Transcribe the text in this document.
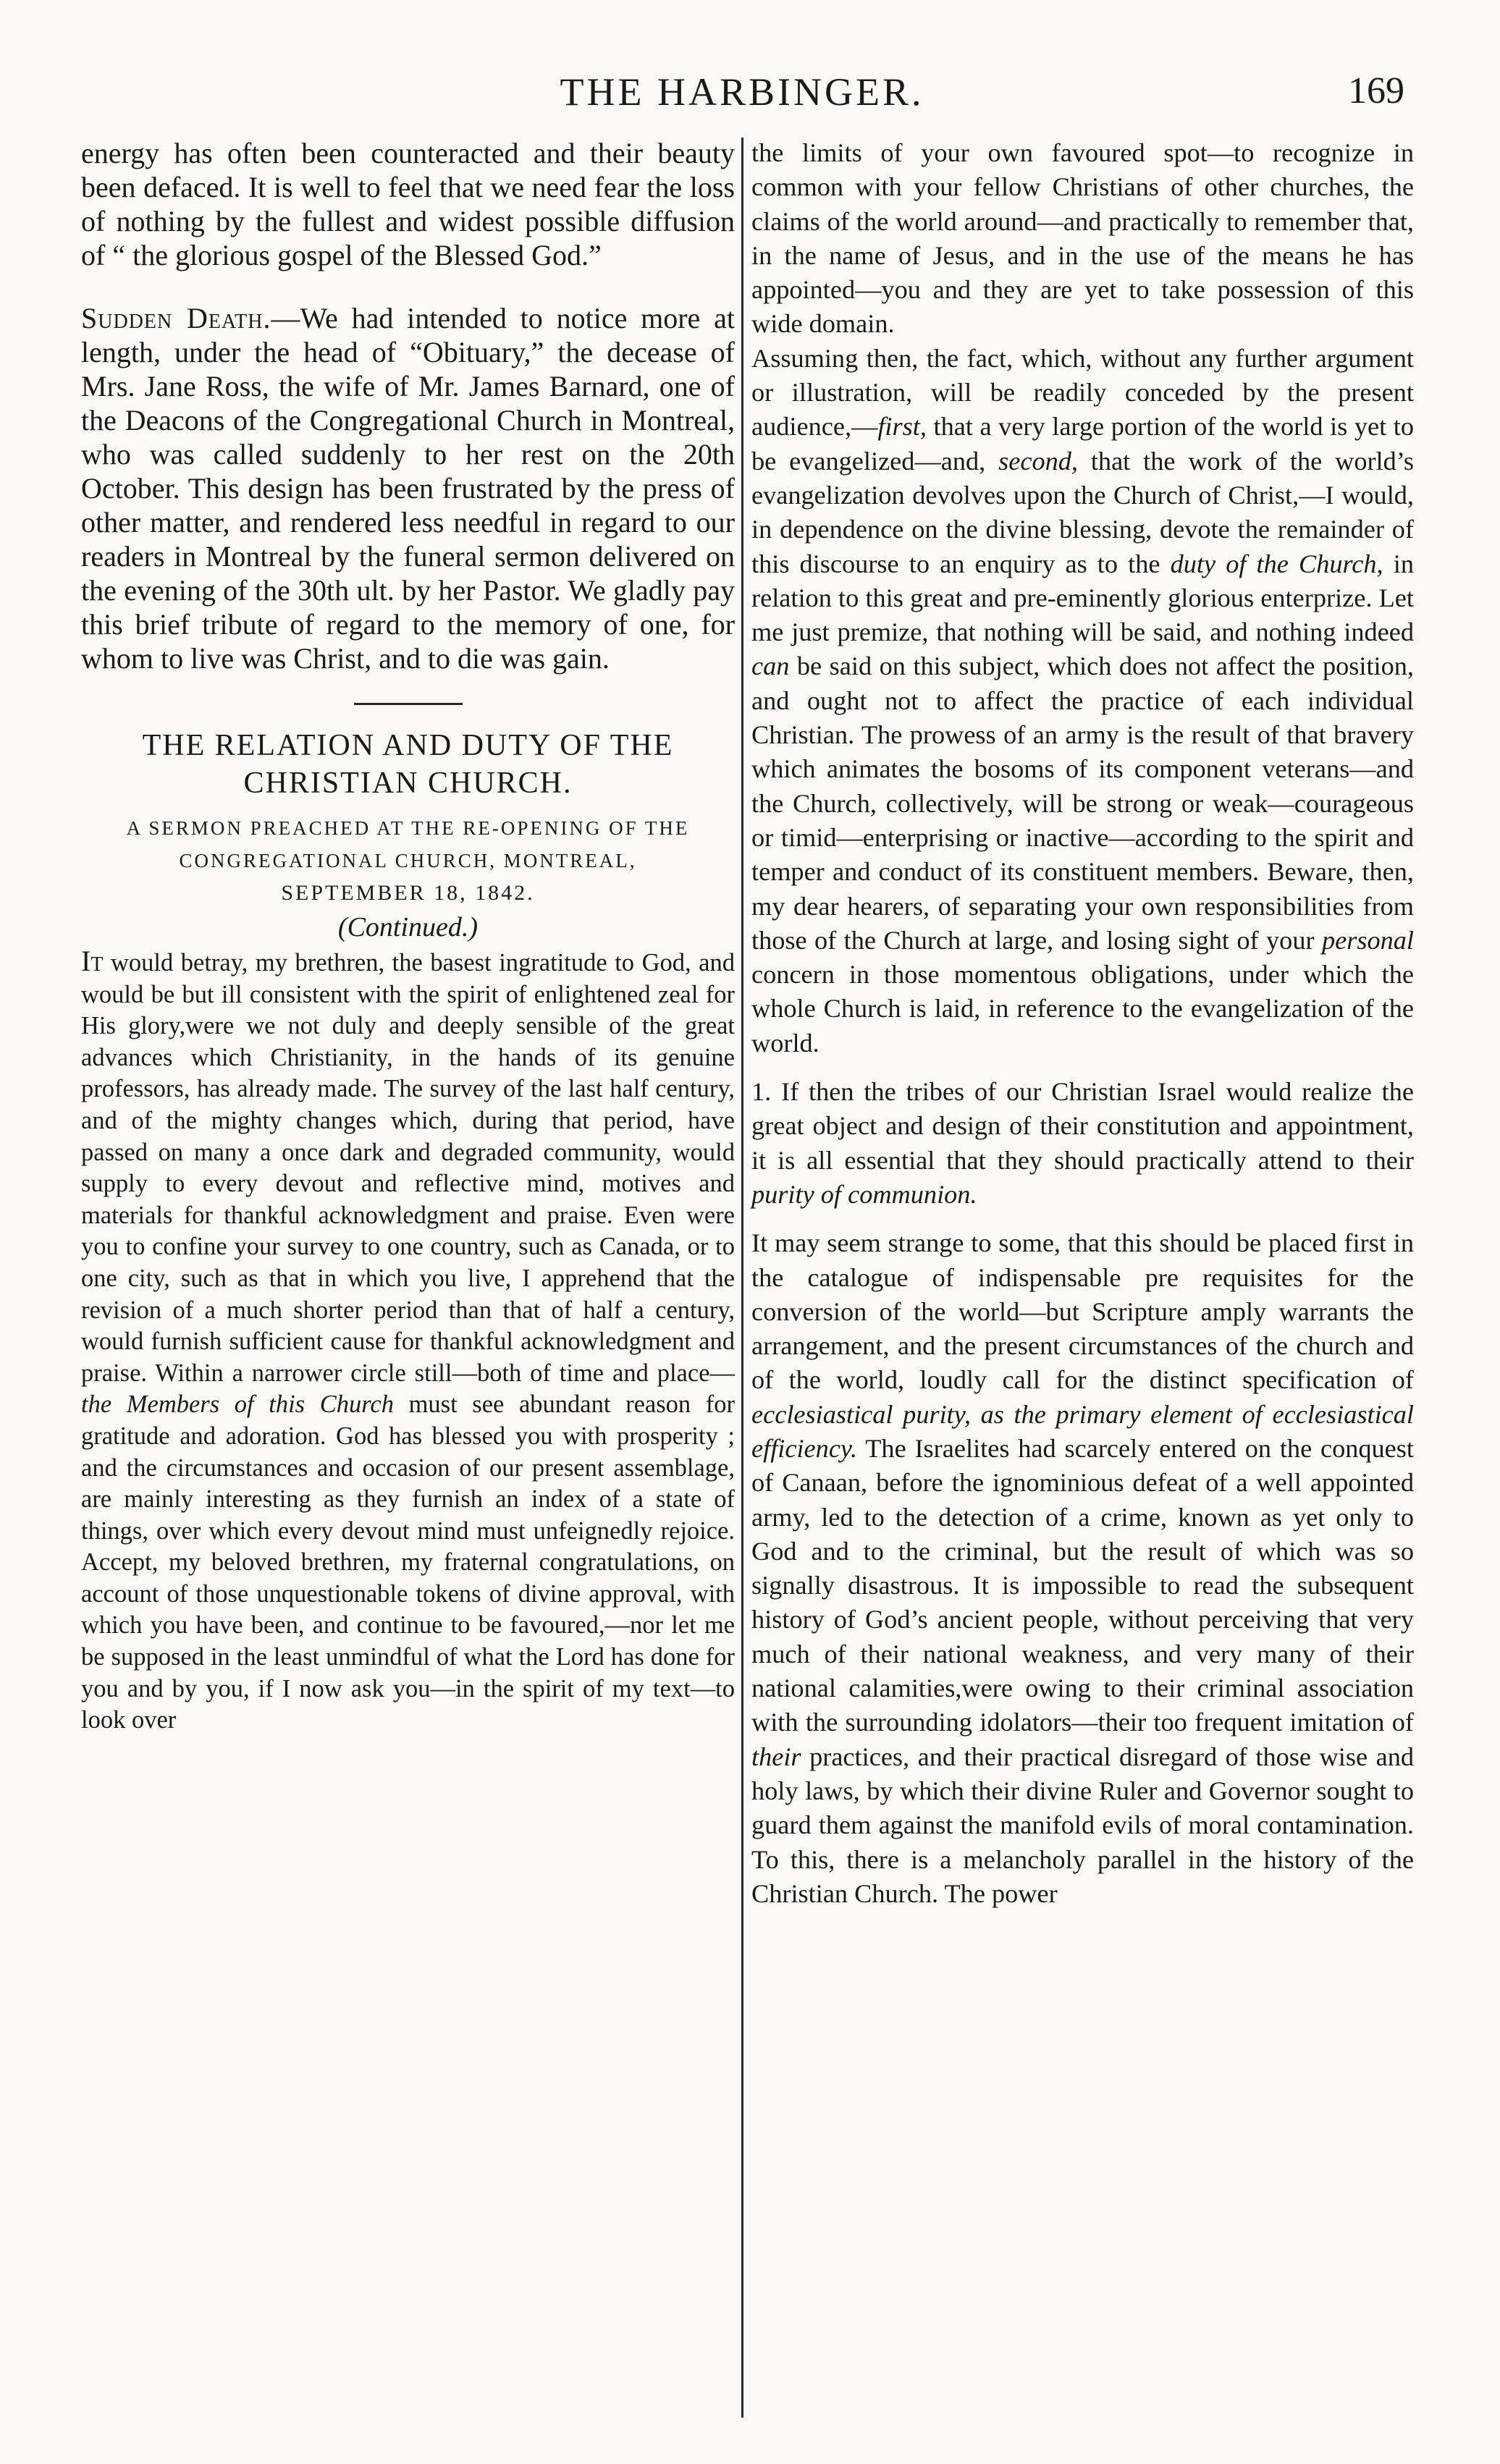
THE HARBINGER.	169

energy has often been counteracted and their beauty been defaced. It is well to feel that we need fear the loss of nothing by the fullest and widest possible diffusion of “ the glorious gospel of the Blessed God.”

Sudden Death.—We had intended to notice more at length, under the head of “Obituary,” the decease of Mrs. Jane Ross, the wife of Mr. James Barnard, one of the Deacons of the Congregational Church in Montreal, who was called suddenly to her rest on the 20th October. This design has been frustrated by the press of other matter, and rendered less needful in regard to our readers in Montreal by the funeral sermon delivered on the evening of the 30th ult. by her Pastor. We gladly pay this brief tribute of regard to the memory of one, for whom to live was Christ, and to die was gain.

THE RELATION AND DUTY OF THE CHRISTIAN CHURCH.

A SERMON PREACHED AT THE RE-OPENING OF THE CONGREGATIONAL CHURCH, MONTREAL,

SEPTEMBER 18, 1842.

(Continued.)

It would betray, my brethren, the basest ingratitude to God, and would be but ill consistent with the spirit of enlightened zeal for His glory,were we not duly and deeply sensible of the great advances which Christianity, in the hands of its genuine professors, has already made. The survey of the last half century, and of the mighty changes which, during that period, have passed on many a once dark and degraded community, would supply to every devout and reflective mind, motives and materials for thankful acknowledgment and praise. Even were you to confine your survey to one country, such as Canada, or to one city, such as that in which you live, I apprehend that the revision of a much shorter period than that of half a century, would furnish sufficient cause for thankful acknowledgment and praise. Within a narrower circle still—both of time and place—the Members of this Church must see abundant reason for gratitude and adoration. God has blessed you with prosperity ; and the circumstances and occasion of our present assemblage, are mainly interesting as they furnish an index of a state of things, over which every devout mind must unfeignedly rejoice. Accept, my beloved brethren, my fraternal congratulations, on account of those unquestionable tokens of divine approval, with which you have been, and continue to be favoured,—nor let me be supposed in the least unmindful of what the Lord has done for you and by you, if I now ask you—in the spirit of my text—to look over

the limits of your own favoured spot—to recognize in common with your fellow Christians of other churches, the claims of the world around—and practically to remember that, in the name of Jesus, and in the use of the means he has appointed—you and they are yet to take possession of this wide domain.

Assuming then, the fact, which, without any further argument or illustration, will be readily conceded by the present audience,—first, that a very large portion of the world is yet to be evangelized—and, second, that the work of the world’s evangelization devolves upon the Church of Christ,—I would, in dependence on the divine blessing, devote the remainder of this discourse to an enquiry as to the duty of the Church, in relation to this great and pre-eminently glorious enterprize. Let me just premize, that nothing will be said, and nothing indeed can be said on this subject, which does not affect the position, and ought not to affect the practice of each individual Christian. The prowess of an army is the result of that bravery which animates the bosoms of its component veterans—and the Church, collectively, will be strong or weak—courageous or timid—enterprising or inactive—according to the spirit and temper and conduct of its constituent members. Beware, then, my dear hearers, of separating your own responsibilities from those of the Church at large, and losing sight of your personal concern in those momentous obligations, under which the whole Church is laid, in reference to the evangelization of the world.

1. If then the tribes of our Christian Israel would realize the great object and design of their constitution and appointment, it is all essential that they should practically attend to their purity of communion.

It may seem strange to some, that this should be placed first in the catalogue of indispensable pre requisites for the conversion of the world—but Scripture amply warrants the arrangement, and the present circumstances of the church and of the world, loudly call for the distinct specification of ecclesiastical purity, as the primary element of ecclesiastical efficiency. The Israelites had scarcely entered on the conquest of Canaan, before the ignominious defeat of a well appointed army, led to the detection of a crime, known as yet only to God and to the criminal, but the result of which was so signally disastrous. It is impossible to read the subsequent history of God’s ancient people, without perceiving that very much of their national weakness, and very many of their national calamities,were owing to their criminal association with the surrounding idolators—their too frequent imitation of their practices, and their practical disregard of those wise and holy laws, by which their divine Ruler and Governor sought to guard them against the manifold evils of moral contamination. To this, there is a melancholy parallel in the history of the Christian Church. The power
